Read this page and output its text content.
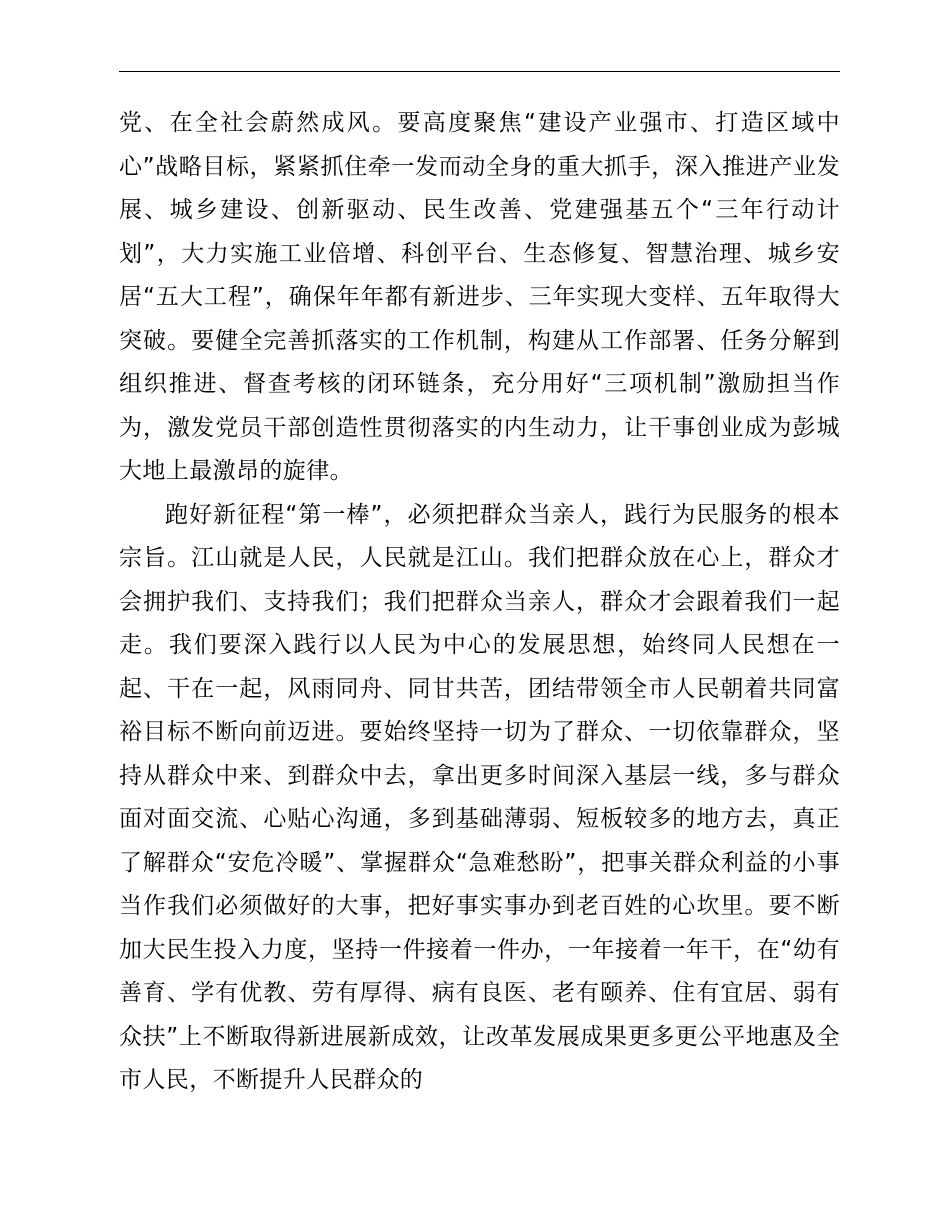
党、在全社会蔚然成风。要高度聚焦“建设产业强市、打造区域中心”战略目标，紧紧抓住牵一发而动全身的重大抓手，深入推进产业发展、城乡建设、创新驱动、民生改善、党建强基五个“三年行动计划”，大力实施工业倍增、科创平台、生态修复、智慧治理、城乡安居“五大工程”，确保年年都有新进步、三年实现大变样、五年取得大突破。要健全完善抓落实的工作机制，构建从工作部署、任务分解到组织推进、督查考核的闭环链条，充分用好“三项机制”激励担当作为，激发党员干部创造性贯彻落实的内生动力，让干事创业成为彭城大地上最激昂的旋律。

跑好新征程“第一棒”，必须把群众当亲人，践行为民服务的根本宗旨。江山就是人民，人民就是江山。我们把群众放在心上，群众才会拥护我们、支持我们；我们把群众当亲人，群众才会跟着我们一起走。我们要深入践行以人民为中心的发展思想，始终同人民想在一起、干在一起，风雨同舟、同甘共苦，团结带领全市人民朝着共同富裕目标不断向前迈进。要始终坚持一切为了群众、一切依靠群众，坚持从群众中来、到群众中去，拿出更多时间深入基层一线，多与群众面对面交流、心贴心沟通，多到基础薄弱、短板较多的地方去，真正了解群众“安危冷暖”、掌握群众“急难愁盼”，把事关群众利益的小事当作我们必须做好的大事，把好事实事办到老百姓的心坎里。要不断加大民生投入力度，坚持一件接着一件办，一年接着一年干，在“幼有善育、学有优教、劳有厚得、病有良医、老有颐养、住有宜居、弱有众扶”上不断取得新进展新成效，让改革发展成果更多更公平地惠及全市人民，不断提升人民群众的
